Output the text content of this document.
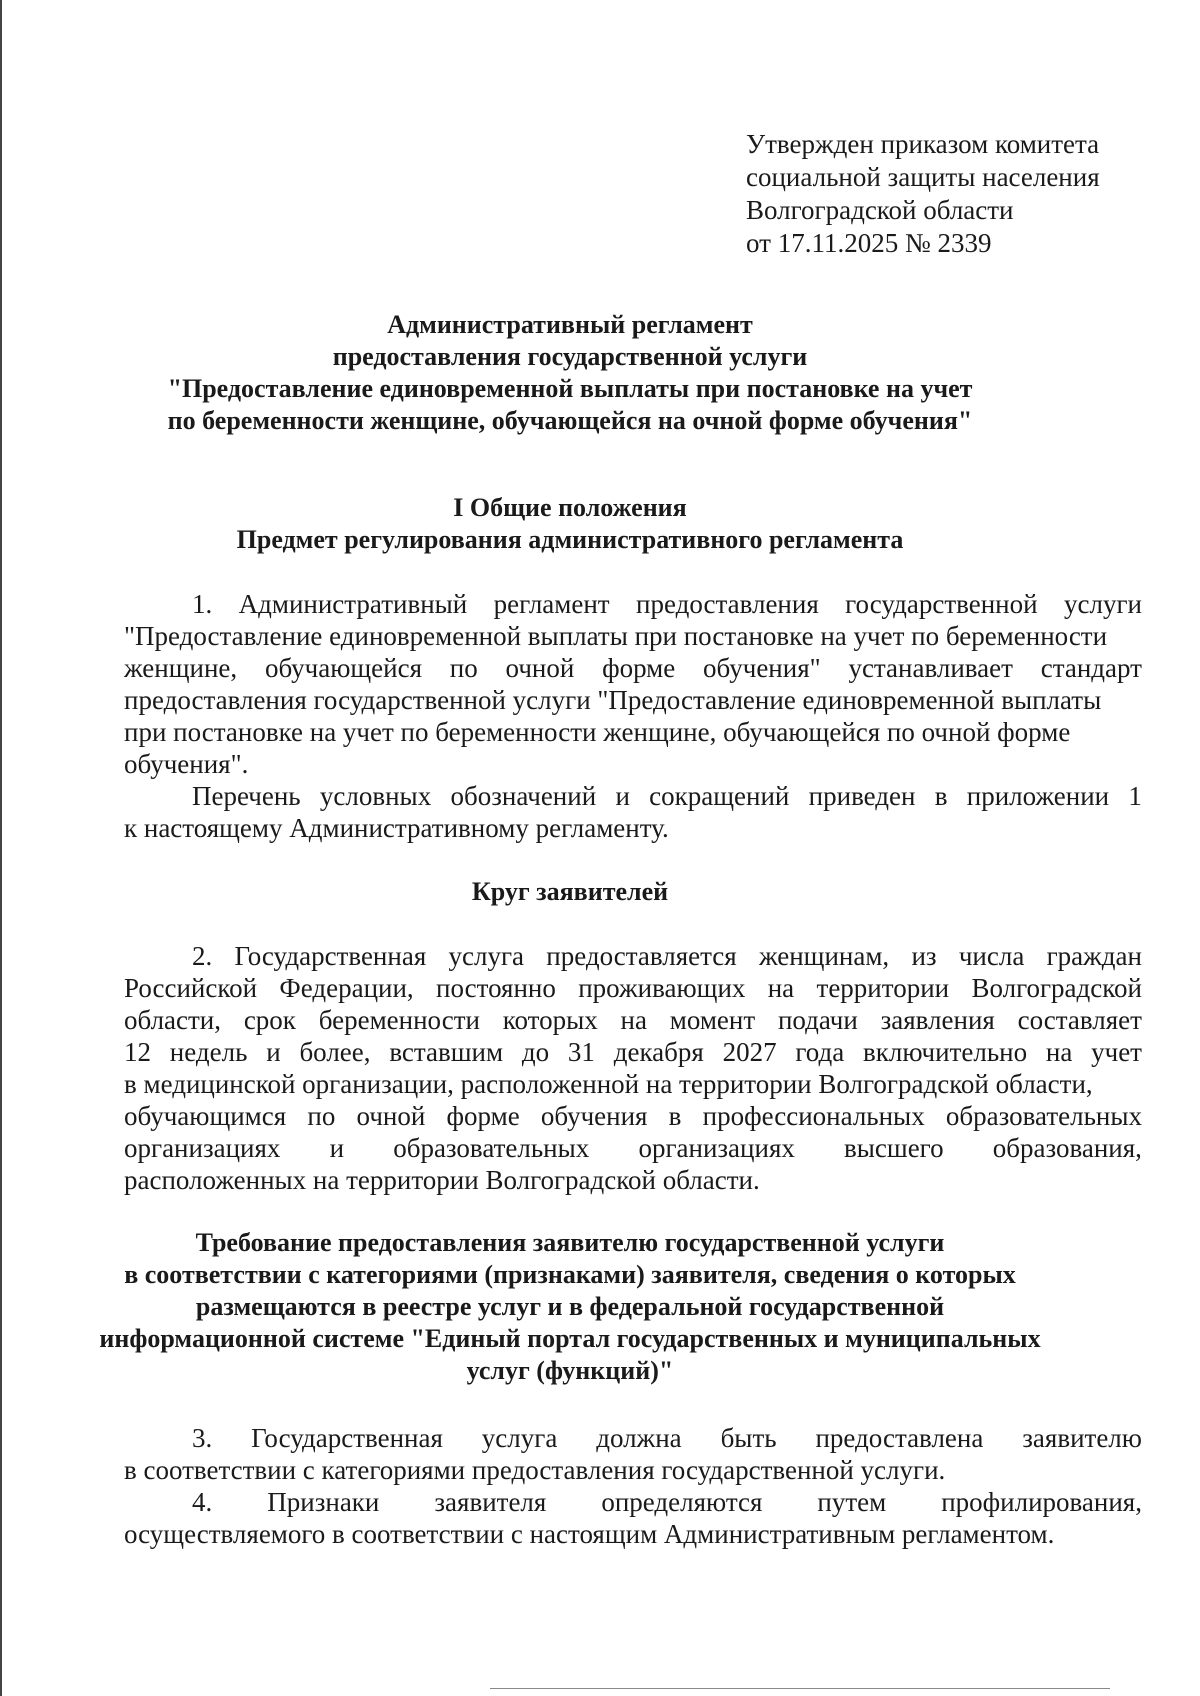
Утвержден приказом комитета
социальной защиты населения
Волгоградской области
от 17.11.2025 № 2339
Административный регламент
предоставления государственной услуги
"Предоставление единовременной выплаты при постановке на учет
по беременности женщине, обучающейся на очной форме обучения"
I Общие положения
Предмет регулирования административного регламента
1. Административный регламент предоставления государственной услуги
"Предоставление единовременной выплаты при постановке на учет по беременности
женщине, обучающейся по очной форме обучения" устанавливает стандарт
предоставления государственной услуги "Предоставление единовременной выплаты
при постановке на учет по беременности женщине, обучающейся по очной форме
обучения".
Перечень условных обозначений и сокращений приведен в приложении 1
к настоящему Административному регламенту.
Круг заявителей
2. Государственная услуга предоставляется женщинам, из числа граждан
Российской Федерации, постоянно проживающих на территории Волгоградской
области, срок беременности которых на момент подачи заявления составляет
12 недель и более, вставшим до 31 декабря 2027 года включительно на учет
в медицинской организации, расположенной на территории Волгоградской области,
обучающимся по очной форме обучения в профессиональных образовательных
организациях и образовательных организациях высшего образования,
расположенных на территории Волгоградской области.
Требование предоставления заявителю государственной услуги
в соответствии с категориями (признаками) заявителя, сведения о которых
размещаются в реестре услуг и в федеральной государственной
информационной системе "Единый портал государственных и муниципальных
услуг (функций)"
3. Государственная услуга должна быть предоставлена заявителю
в соответствии с категориями предоставления государственной услуги.
4. Признаки заявителя определяются путем профилирования,
осуществляемого в соответствии с настоящим Административным регламентом.
